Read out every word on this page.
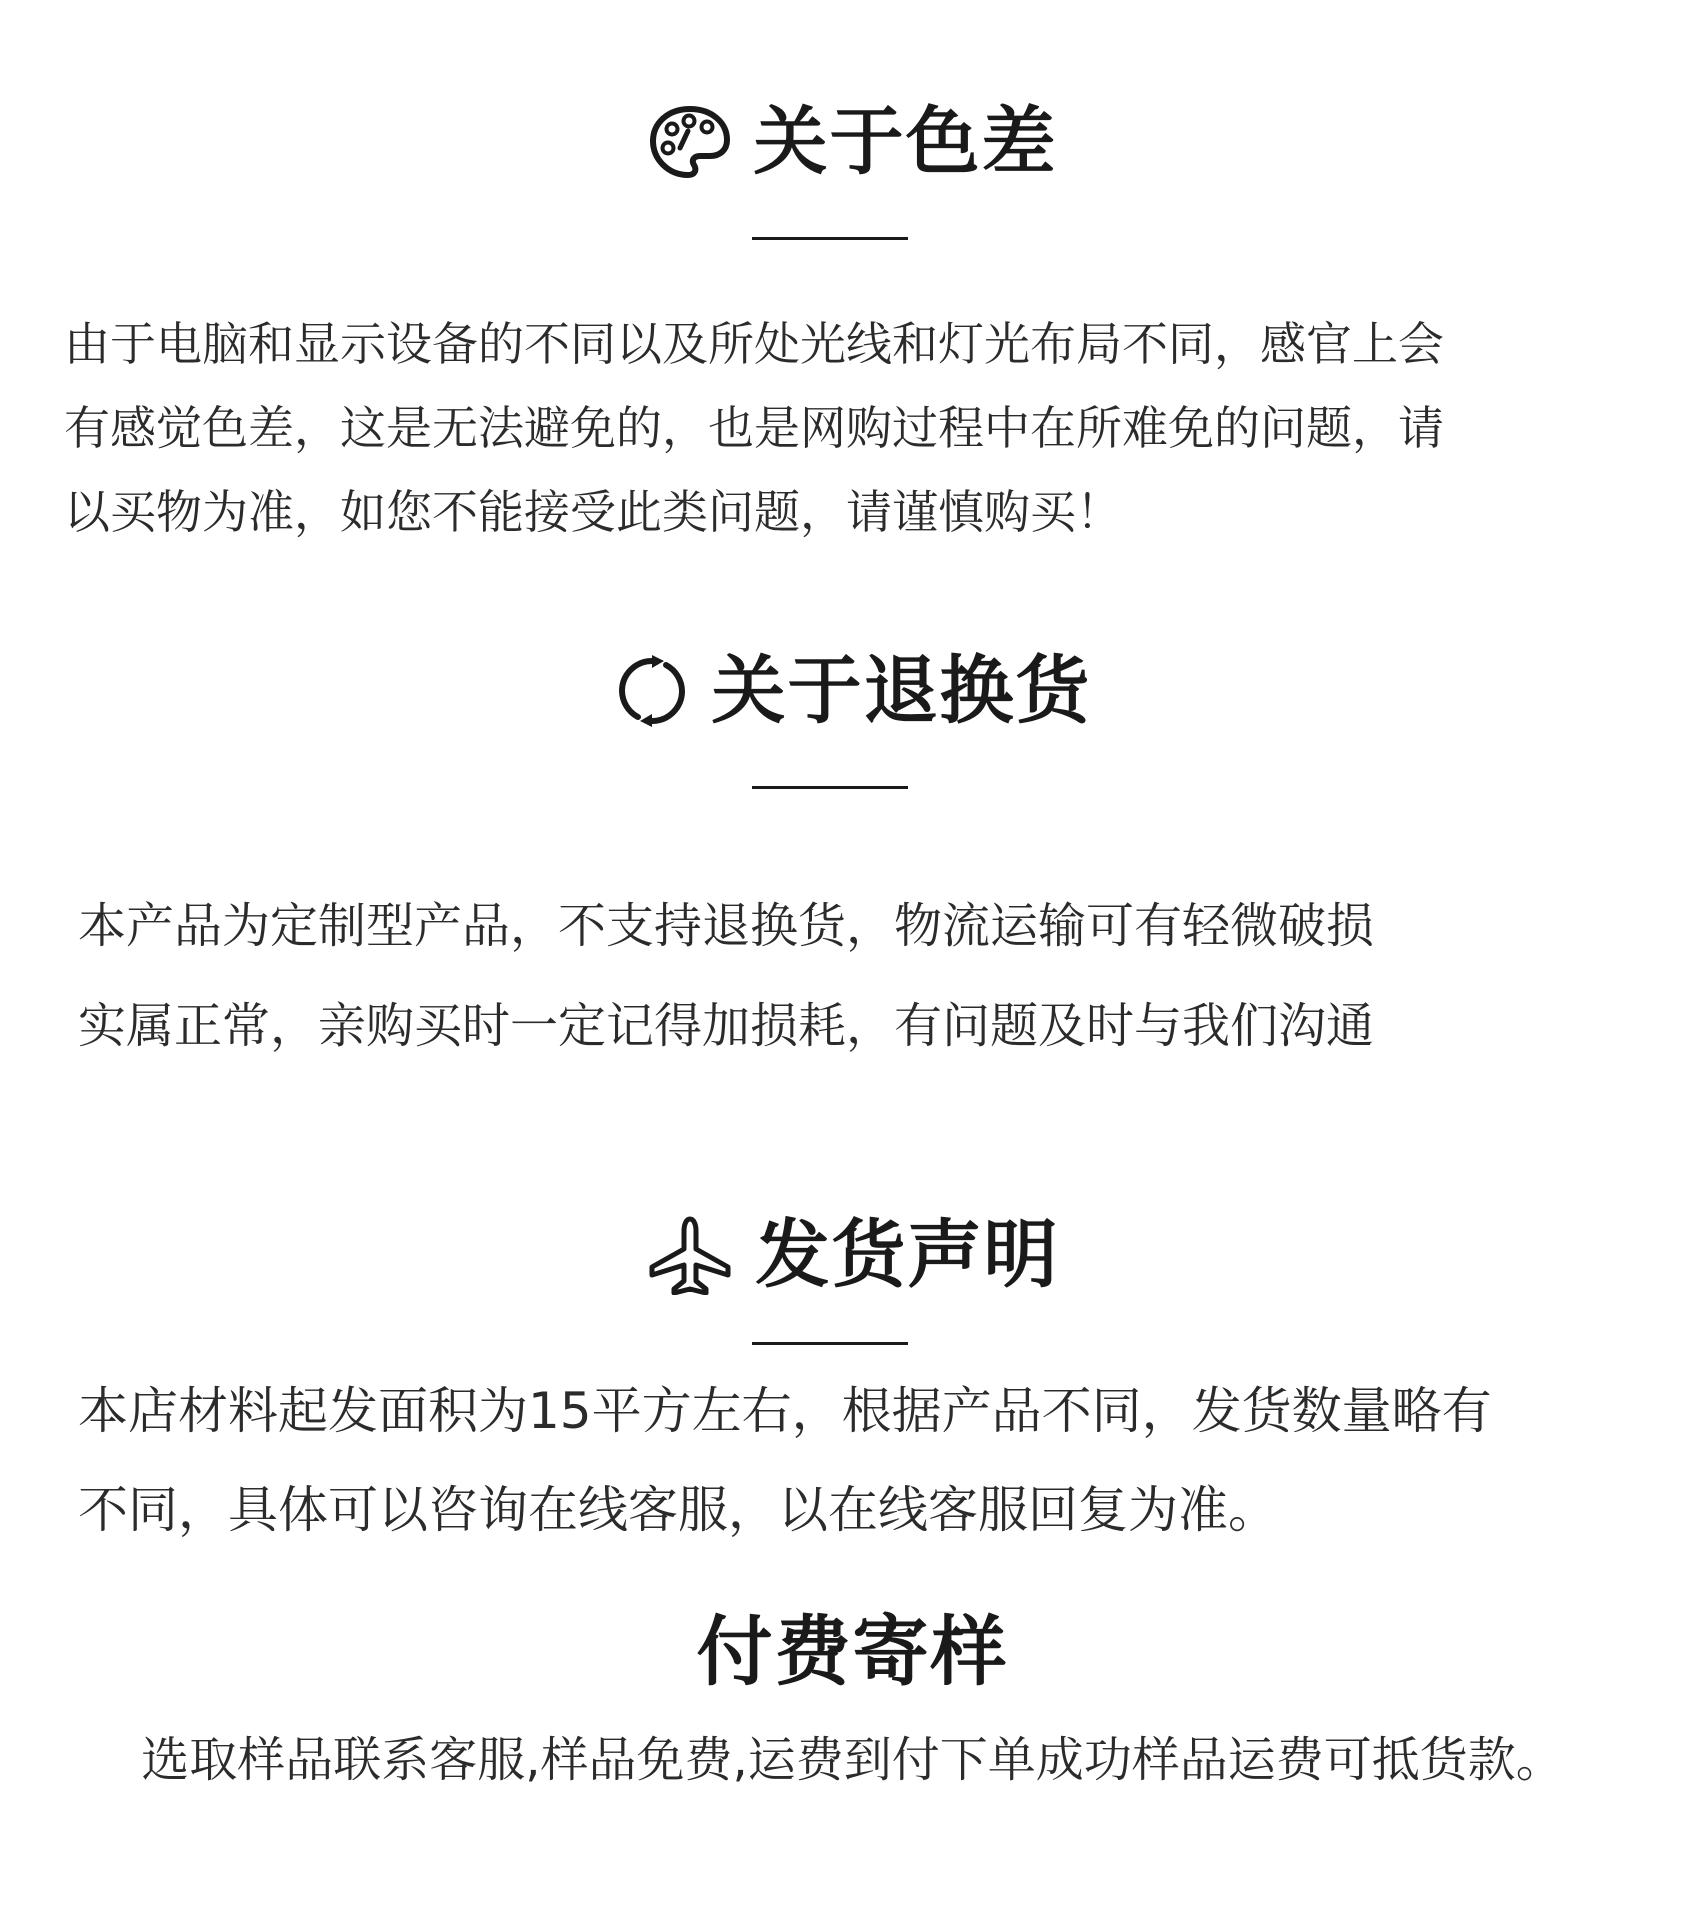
关于色差

由于电脑和显示设备的不同以及所处光线和灯光布局不同，感官上会

有感觉色差，这是无法避免的，也是网购过程中在所难免的问题，请

以买物为准，如您不能接受此类问题，请谨慎购买！

关于退换货

本产品为定制型产品，不支持退换货，物流运输可有轻微破损

实属正常，亲购买时一定记得加损耗，有问题及时与我们沟通

发货声明

本店材料起发面积为15平方左右，根据产品不同，发货数量略有

不同，具体可以咨询在线客服，以在线客服回复为准。

付费寄样

选取样品联系客服,样品免费,运费到付下单成功样品运费可抵货款。
